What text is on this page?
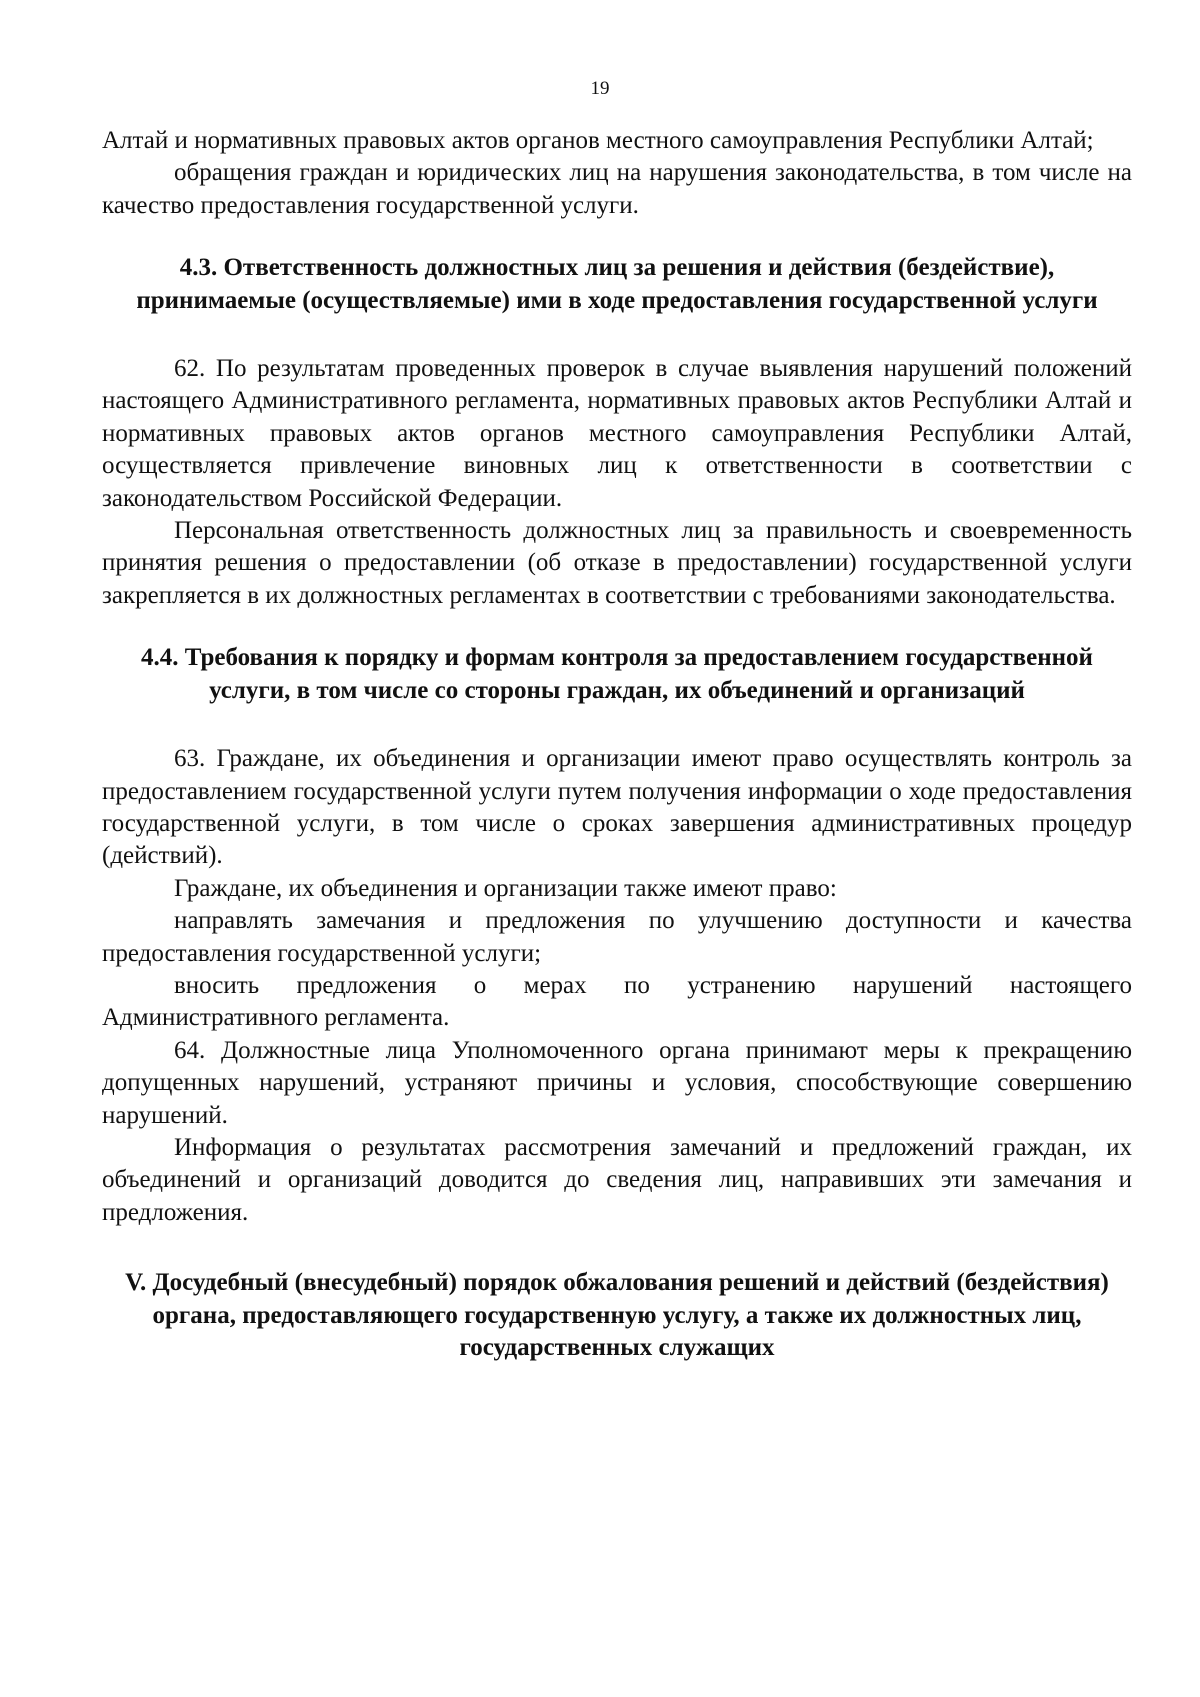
19

Алтай и нормативных правовых актов органов местного самоуправления Республики Алтай;

обращения граждан и юридических лиц на нарушения законодательства, в том числе на качество предоставления государственной услуги.

4.3. Ответственность должностных лиц за решения и действия (бездействие), принимаемые (осуществляемые) ими в ходе предоставления государственной услуги

62. По результатам проведенных проверок в случае выявления нарушений положений настоящего Административного регламента, нормативных правовых актов Республики Алтай и нормативных правовых актов органов местного самоуправления Республики Алтай, осуществляется привлечение виновных лиц к ответственности в соответствии с законодательством Российской Федерации.

Персональная ответственность должностных лиц за правильность и своевременность принятия решения о предоставлении (об отказе в предоставлении) государственной услуги закрепляется в их должностных регламентах в соответствии с требованиями законодательства.

4.4. Требования к порядку и формам контроля за предоставлением государственной услуги, в том числе со стороны граждан, их объединений и организаций

63. Граждане, их объединения и организации имеют право осуществлять контроль за предоставлением государственной услуги путем получения информации о ходе предоставления государственной услуги, в том числе о сроках завершения административных процедур (действий).

Граждане, их объединения и организации также имеют право:

направлять замечания и предложения по улучшению доступности и качества предоставления государственной услуги;

вносить предложения о мерах по устранению нарушений настоящего Административного регламента.

64. Должностные лица Уполномоченного органа принимают меры к прекращению допущенных нарушений, устраняют причины и условия, способствующие совершению нарушений.

Информация о результатах рассмотрения замечаний и предложений граждан, их объединений и организаций доводится до сведения лиц, направивших эти замечания и предложения.

V. Досудебный (внесудебный) порядок обжалования решений и действий (бездействия) органа, предоставляющего государственную услугу, а также их должностных лиц, государственных служащих
